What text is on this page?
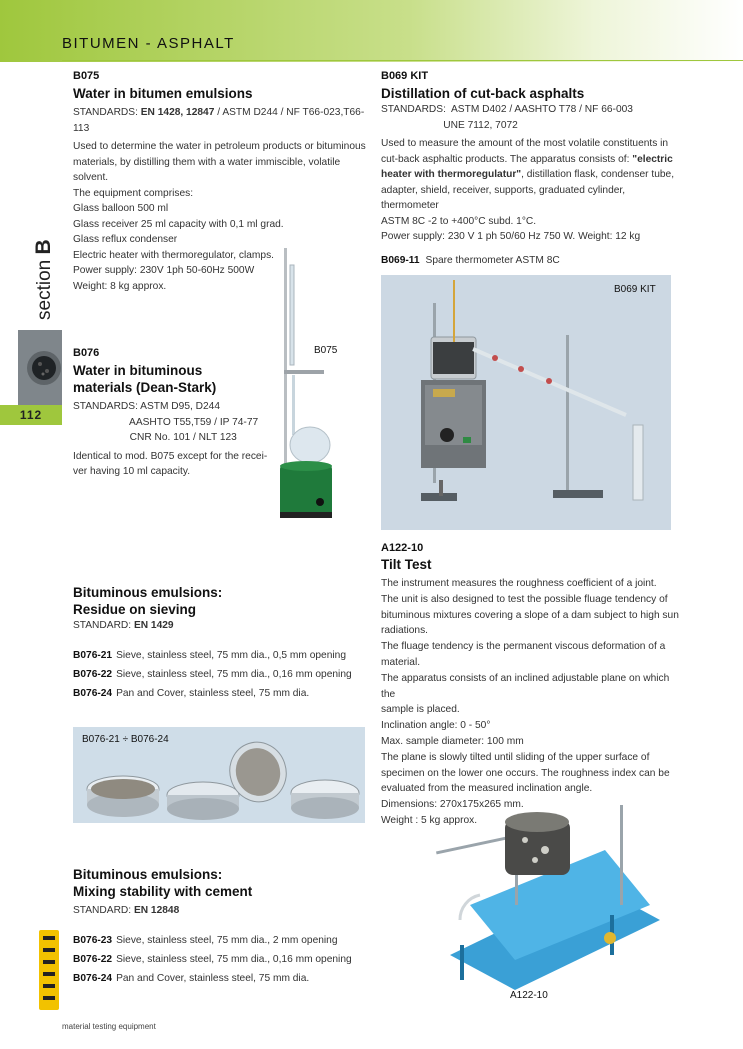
BITUMEN - ASPHALT
section B
112
material testing equipment
B075
Water in bitumen emulsions
STANDARDS: EN 1428, 12847 / ASTM D244 / NF T66-023,T66-113
Used to determine the water in petroleum products or bituminous
materials, by distilling them with a water immiscible, volatile solvent.
The equipment comprises:
Glass balloon 500 ml
Glass receiver 25 ml capacity with 0,1 ml grad.
Glass reflux condenser
Electric heater with thermoregulator, clamps.
Power supply: 230V 1ph 50-60Hz 500W
Weight: 8 kg approx.
B075
B076
Water in bituminous
materials (Dean-Stark)
STANDARDS: ASTM D95, D244
AASHTO T55,T59 / IP 74-77
CNR No. 101 / NLT 123
Identical to mod. B075 except for the recei-
ver having 10 ml capacity.
Bituminous emulsions:
Residue on sieving
STANDARD: EN 1429
B076-21 Sieve, stainless steel, 75 mm dia., 0,5 mm opening
B076-22 Sieve, stainless steel, 75 mm dia., 0,16 mm opening
B076-24 Pan and Cover, stainless steel, 75 mm dia.
B076-21 ÷ B076-24
Bituminous emulsions:
Mixing stability with cement
STANDARD: EN 12848
B076-23 Sieve, stainless steel, 75 mm dia., 2 mm opening
B076-22 Sieve, stainless steel, 75 mm dia., 0,16 mm opening
B076-24 Pan and Cover, stainless steel, 75 mm dia.
B069 KIT
Distillation of cut-back asphalts
STANDARDS:  ASTM D402 / AASHTO T78 / NF 66-003
UNE 7112, 7072
Used to measure the amount of the most volatile constituents in
cut-back asphaltic products. The apparatus consists of: "electric
heater with thermoregulatur", distillation flask, condenser tube,
adapter, shield, receiver, supports, graduated cylinder, thermometer
ASTM 8C -2 to +400°C subd. 1°C.
Power supply: 230 V 1 ph 50/60 Hz 750 W. Weight: 12 kg
B069-11 Spare thermometer ASTM 8C
B069 KIT
A122-10
Tilt Test
The instrument measures the roughness coefficient of a joint.
The unit is also designed to test the possible fluage tendency of
bituminous mixtures covering a slope of a dam subject to high sun
radiations.
The fluage tendency is the permanent viscous deformation of a
material.
The apparatus consists of an inclined adjustable plane on which the
sample is placed.
Inclination angle: 0 - 50°
Max. sample diameter: 100 mm
The plane is slowly tilted until sliding of the upper surface of
specimen on the lower one occurs. The roughness index can be
evaluated from the measured inclination angle.
Dimensions: 270x175x265 mm.
Weight : 5 kg approx.
A122-10
